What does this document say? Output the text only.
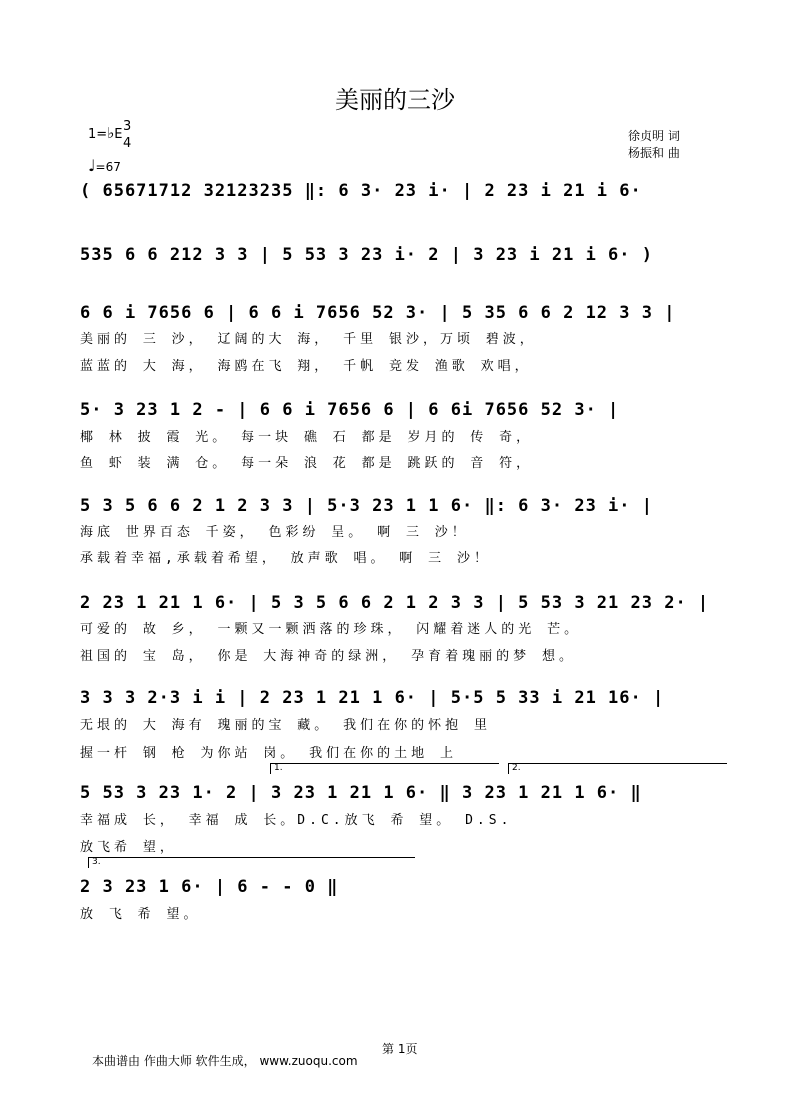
美丽的三沙
1=♭E
3
4
♩=67
徐贞明 词
杨振和 曲
( 65671712 32123235 ‖: 6 3· 23 i· | 2 23 i 21 i 6·
535 6 6 212 3 3 | 5 53 3 23 i· 2 | 3 23 i 21 i 6· )
6 6 i 7656 6 | 6 6 i 7656 52 3· | 5 35 6 6 2 12 3 3 |
美丽的 三 沙， 辽阔的大 海， 千里 银沙，万顷 碧波，
蓝蓝的 大 海， 海鸥在飞 翔， 千帆 竞发 渔歌 欢唱，
5· 3 23 1 2 - | 6 6 i 7656 6 | 6 6i 7656 52 3· |
椰 林 披 霞 光。 每一块 礁 石 都是 岁月的 传 奇，
鱼 虾 装 满 仓。 每一朵 浪 花 都是 跳跃的 音 符，
5 3 5 6 6 2 1 2 3 3 | 5·3 23 1 1 6· ‖: 6 3· 23 i· |
海底 世界百态 千姿， 色彩纷 呈。 啊 三 沙！
承载着幸福,承载着希望， 放声歌 唱。 啊 三 沙！
2 23 1 21 1 6· | 5 3 5 6 6 2 1 2 3 3 | 5 53 3 21 23 2· |
可爱的 故 乡， 一颗又一颗洒落的珍珠， 闪耀着迷人的光 芒。
祖国的 宝 岛， 你是 大海神奇的绿洲， 孕育着瑰丽的梦 想。
3 3 3 2·3 i i | 2 23 1 21 1 6· | 5·5 5 33 i 21 16· |
无垠的 大 海有 瑰丽的宝 藏。 我们在你的怀抱 里
握一杆 钢 枪 为你站 岗。 我们在你的土地 上
1.	2.
5 53 3 23 1· 2 | 3 23 1 21 1 6· ‖ 3 23 1 21 1 6· ‖
幸福成 长， 幸福 成 长。D.C.放飞 希 望。 D.S.
放飞希 望，
3.
2 3 23 1 6· | 6 - - 0 ‖
放 飞 希 望。
第 1页
本曲谱由 作曲大师 软件生成， www.zuoqu.com
